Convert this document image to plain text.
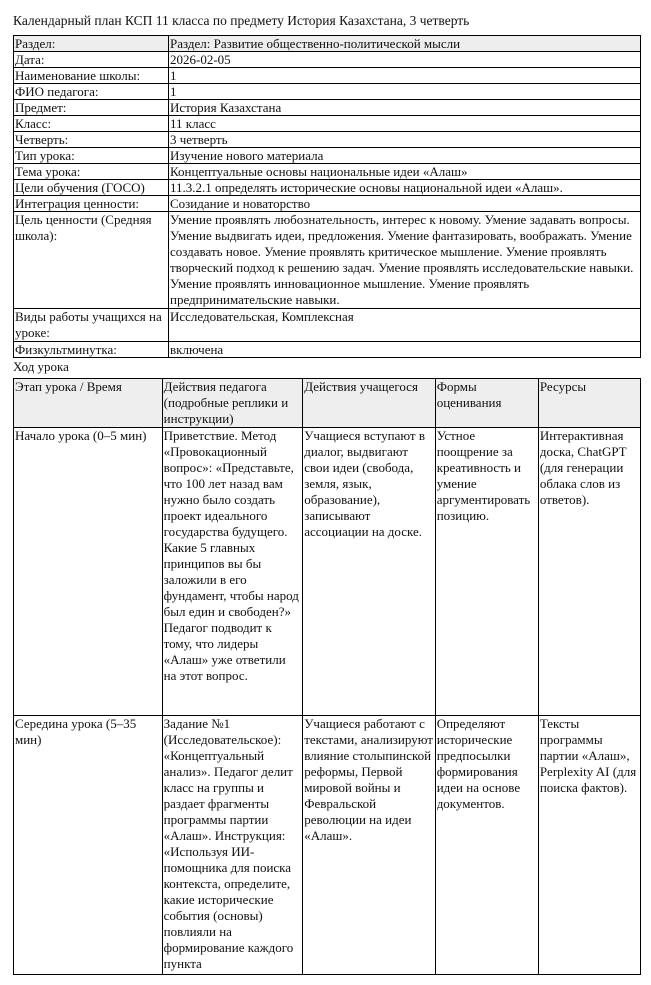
Календарный план КСП 11 класса по предмету История Казахстана, 3 четверть
Раздел:	Раздел: Развитие общественно-политической мысли
Дата:	2026-02-05
Наименование школы:	1
ФИО педагога:	1
Предмет:	История Казахстана
Класс:	11 класс
Четверть:	3 четверть
Тип урока:	Изучение нового материала
Тема урока:	Концептуальные основы национальные идеи «Алаш»
Цели обучения (ГОСО)	11.3.2.1 определять исторические основы национальной идеи «Алаш».
Интеграция ценности:	Созидание и новаторство
Цель ценности (Средняя школа):	Умение проявлять любознательность, интерес к новому. Умение задавать вопросы. Умение выдвигать идеи, предложения. Умение фантазировать, воображать. Умение создавать новое. Умение проявлять критическое мышление. Умение проявлять творческий подход к решению задач. Умение проявлять исследовательские навыки. Умение проявлять инновационное мышление. Умение проявлять предпринимательские навыки.
Виды работы учащихся на уроке:	Исследовательская, Комплексная
Физкультминутка:	включена
Ход урока
Этап урока / Время	Действия педагога (подробные реплики и инструкции)	Действия учащегося	Формы оценивания	Ресурсы

Начало урока (0–5 мин)	Приветствие. Метод «Провокационный вопрос»: «Представьте, что 100 лет назад вам нужно было создать проект идеального государства будущего. Какие 5 главных принципов вы бы заложили в его фундамент, чтобы народ был един и свободен?» Педагог подводит к тому, что лидеры «Алаш» уже ответили на этот вопрос.	Учащиеся вступают в диалог, выдвигают свои идеи (свобода, земля, язык, образование), записывают ассоциации на доске.	Устное поощрение за креативность и умение аргументировать позицию.	Интерактивная доска, ChatGPT (для генерации облака слов из ответов).

Середина урока (5–35 мин)	Задание №1 (Исследовательское): «Концептуальный анализ». Педагог делит класс на группы и раздает фрагменты программы партии «Алаш». Инструкция: «Используя ИИ-помощника для поиска контекста, определите, какие исторические события (основы) повлияли на формирование каждого пункта	Учащиеся работают с текстами, анализируют влияние столыпинской реформы, Первой мировой войны и Февральской революции на идеи «Алаш».	Определяют исторические предпосылки формирования идеи на основе документов.	Тексты программы партии «Алаш», Perplexity AI (для поиска фактов).
